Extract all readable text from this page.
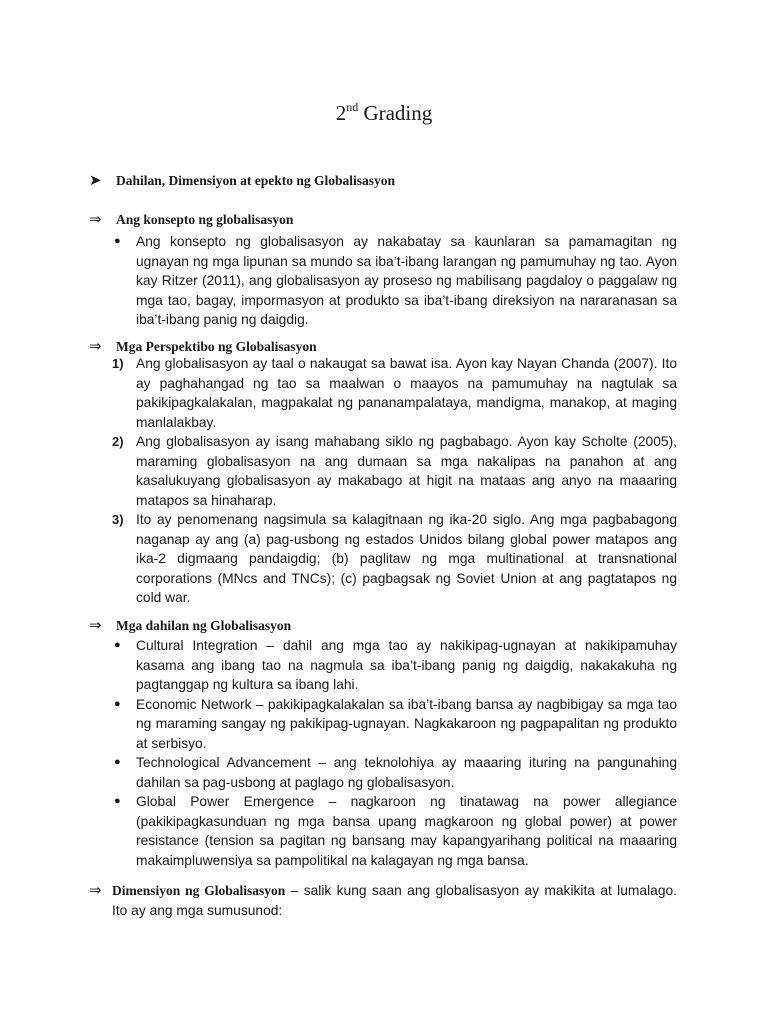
2nd Grading
➤	Dahilan, Dimensiyon at epekto ng Globalisasyon
⇒	Ang konsepto ng globalisasyon
● Ang konsepto ng globalisasyon ay nakabatay sa kaunlaran sa pamamagitan ng ugnayan ng mga lipunan sa mundo sa iba’t-ibang larangan ng pamumuhay ng tao. Ayon kay Ritzer (2011), ang globalisasyon ay proseso ng mabilisang pagdaloy o paggalaw ng mga tao, bagay, impormasyon at produkto sa iba’t-ibang direksiyon na nararanasan sa iba’t-ibang panig ng daigdig.
⇒	Mga Perspektibo ng Globalisasyon
1) Ang globalisasyon ay taal o nakaugat sa bawat isa. Ayon kay Nayan Chanda (2007). Ito ay paghahangad ng tao sa maalwan o maayos na pamumuhay na nagtulak sa pakikipagkalakalan, magpakalat ng pananampalataya, mandigma, manakop, at maging manlalakbay.
2) Ang globalisasyon ay isang mahabang siklo ng pagbabago. Ayon kay Scholte (2005), maraming globalisasyon na ang dumaan sa mga nakalipas na panahon at ang kasalukuyang globalisasyon ay makabago at higit na mataas ang anyo na maaaring matapos sa hinaharap.
3) Ito ay penomenang nagsimula sa kalagitnaan ng ika-20 siglo. Ang mga pagbabagong naganap ay ang (a) pag-usbong ng estados Unidos bilang global power matapos ang ika-2 digmaang pandaigdig; (b) paglitaw ng mga multinational at transnational corporations (MNcs and TNCs); (c) pagbagsak ng Soviet Union at ang pagtatapos ng cold war.
⇒	Mga dahilan ng Globalisasyon
● Cultural Integration – dahil ang mga tao ay nakikipag-ugnayan at nakikipamuhay kasama ang ibang tao na nagmula sa iba’t-ibang panig ng daigdig, nakakakuha ng pagtanggap ng kultura sa ibang lahi.
● Economic Network – pakikipagkalakalan sa iba’t-ibang bansa ay nagbibigay sa mga tao ng maraming sangay ng pakikipag-ugnayan. Nagkakaroon ng pagpapalitan ng produkto at serbisyo.
● Technological Advancement – ang teknolohiya ay maaaring ituring na pangunahing dahilan sa pag-usbong at paglago ng globalisasyon.
● Global Power Emergence – nagkaroon ng tinatawag na power allegiance (pakikipagkasunduan ng mga bansa upang magkaroon ng global power) at power resistance (tension sa pagitan ng bansang may kapangyarihang political na maaaring makaimpluwensiya sa pampolitikal na kalagayan ng mga bansa.
⇒ Dimensiyon ng Globalisasyon – salik kung saan ang globalisasyon ay makikita at lumalago. Ito ay ang mga sumusunod:
